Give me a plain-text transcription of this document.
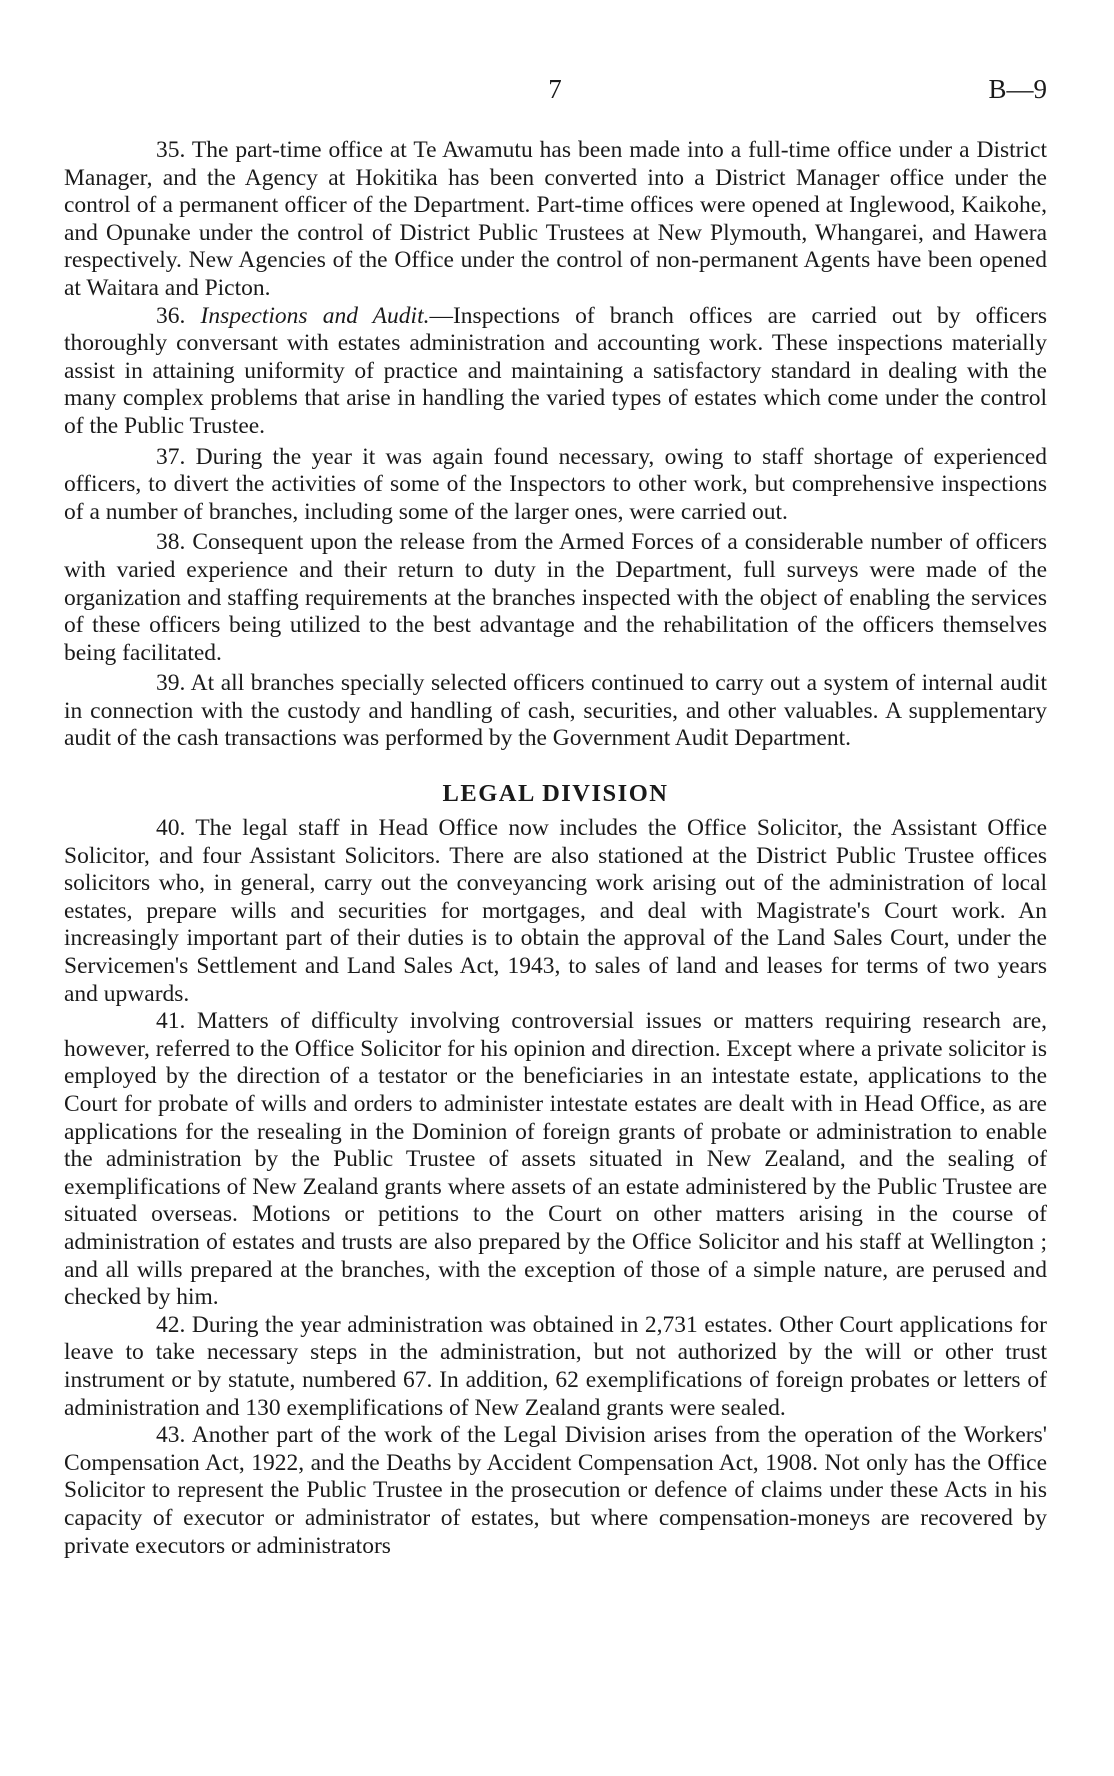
7	B—9

35. The part-time office at Te Awamutu has been made into a full-time office under a District Manager, and the Agency at Hokitika has been converted into a District Manager office under the control of a permanent officer of the Department. Part-time offices were opened at Inglewood, Kaikohe, and Opunake under the control of District Public Trustees at New Plymouth, Whangarei, and Hawera respectively. New Agencies of the Office under the control of non-permanent Agents have been opened at Waitara and Picton.

36. Inspections and Audit.—Inspections of branch offices are carried out by officers thoroughly conversant with estates administration and accounting work. These inspections materially assist in attaining uniformity of practice and maintaining a satisfactory standard in dealing with the many complex problems that arise in handling the varied types of estates which come under the control of the Public Trustee.

37. During the year it was again found necessary, owing to staff shortage of experienced officers, to divert the activities of some of the Inspectors to other work, but comprehensive inspections of a number of branches, including some of the larger ones, were carried out.

38. Consequent upon the release from the Armed Forces of a considerable number of officers with varied experience and their return to duty in the Department, full surveys were made of the organization and staffing requirements at the branches inspected with the object of enabling the services of these officers being utilized to the best advantage and the rehabilitation of the officers themselves being facilitated.

39. At all branches specially selected officers continued to carry out a system of internal audit in connection with the custody and handling of cash, securities, and other valuables. A supplementary audit of the cash transactions was performed by the Government Audit Department.

LEGAL DIVISION

40. The legal staff in Head Office now includes the Office Solicitor, the Assistant Office Solicitor, and four Assistant Solicitors. There are also stationed at the District Public Trustee offices solicitors who, in general, carry out the conveyancing work arising out of the administration of local estates, prepare wills and securities for mortgages, and deal with Magistrate's Court work. An increasingly important part of their duties is to obtain the approval of the Land Sales Court, under the Servicemen's Settlement and Land Sales Act, 1943, to sales of land and leases for terms of two years and upwards.

41. Matters of difficulty involving controversial issues or matters requiring research are, however, referred to the Office Solicitor for his opinion and direction. Except where a private solicitor is employed by the direction of a testator or the beneficiaries in an intestate estate, applications to the Court for probate of wills and orders to administer intestate estates are dealt with in Head Office, as are applications for the resealing in the Dominion of foreign grants of probate or administration to enable the administration by the Public Trustee of assets situated in New Zealand, and the sealing of exemplifications of New Zealand grants where assets of an estate administered by the Public Trustee are situated overseas. Motions or petitions to the Court on other matters arising in the course of administration of estates and trusts are also prepared by the Office Solicitor and his staff at Wellington ; and all wills prepared at the branches, with the exception of those of a simple nature, are perused and checked by him.

42. During the year administration was obtained in 2,731 estates. Other Court applications for leave to take necessary steps in the administration, but not authorized by the will or other trust instrument or by statute, numbered 67. In addition, 62 exemplifications of foreign probates or letters of administration and 130 exemplifications of New Zealand grants were sealed.

43. Another part of the work of the Legal Division arises from the operation of the Workers' Compensation Act, 1922, and the Deaths by Accident Compensation Act, 1908. Not only has the Office Solicitor to represent the Public Trustee in the prosecution or defence of claims under these Acts in his capacity of executor or administrator of estates, but where compensation-moneys are recovered by private executors or administrators
